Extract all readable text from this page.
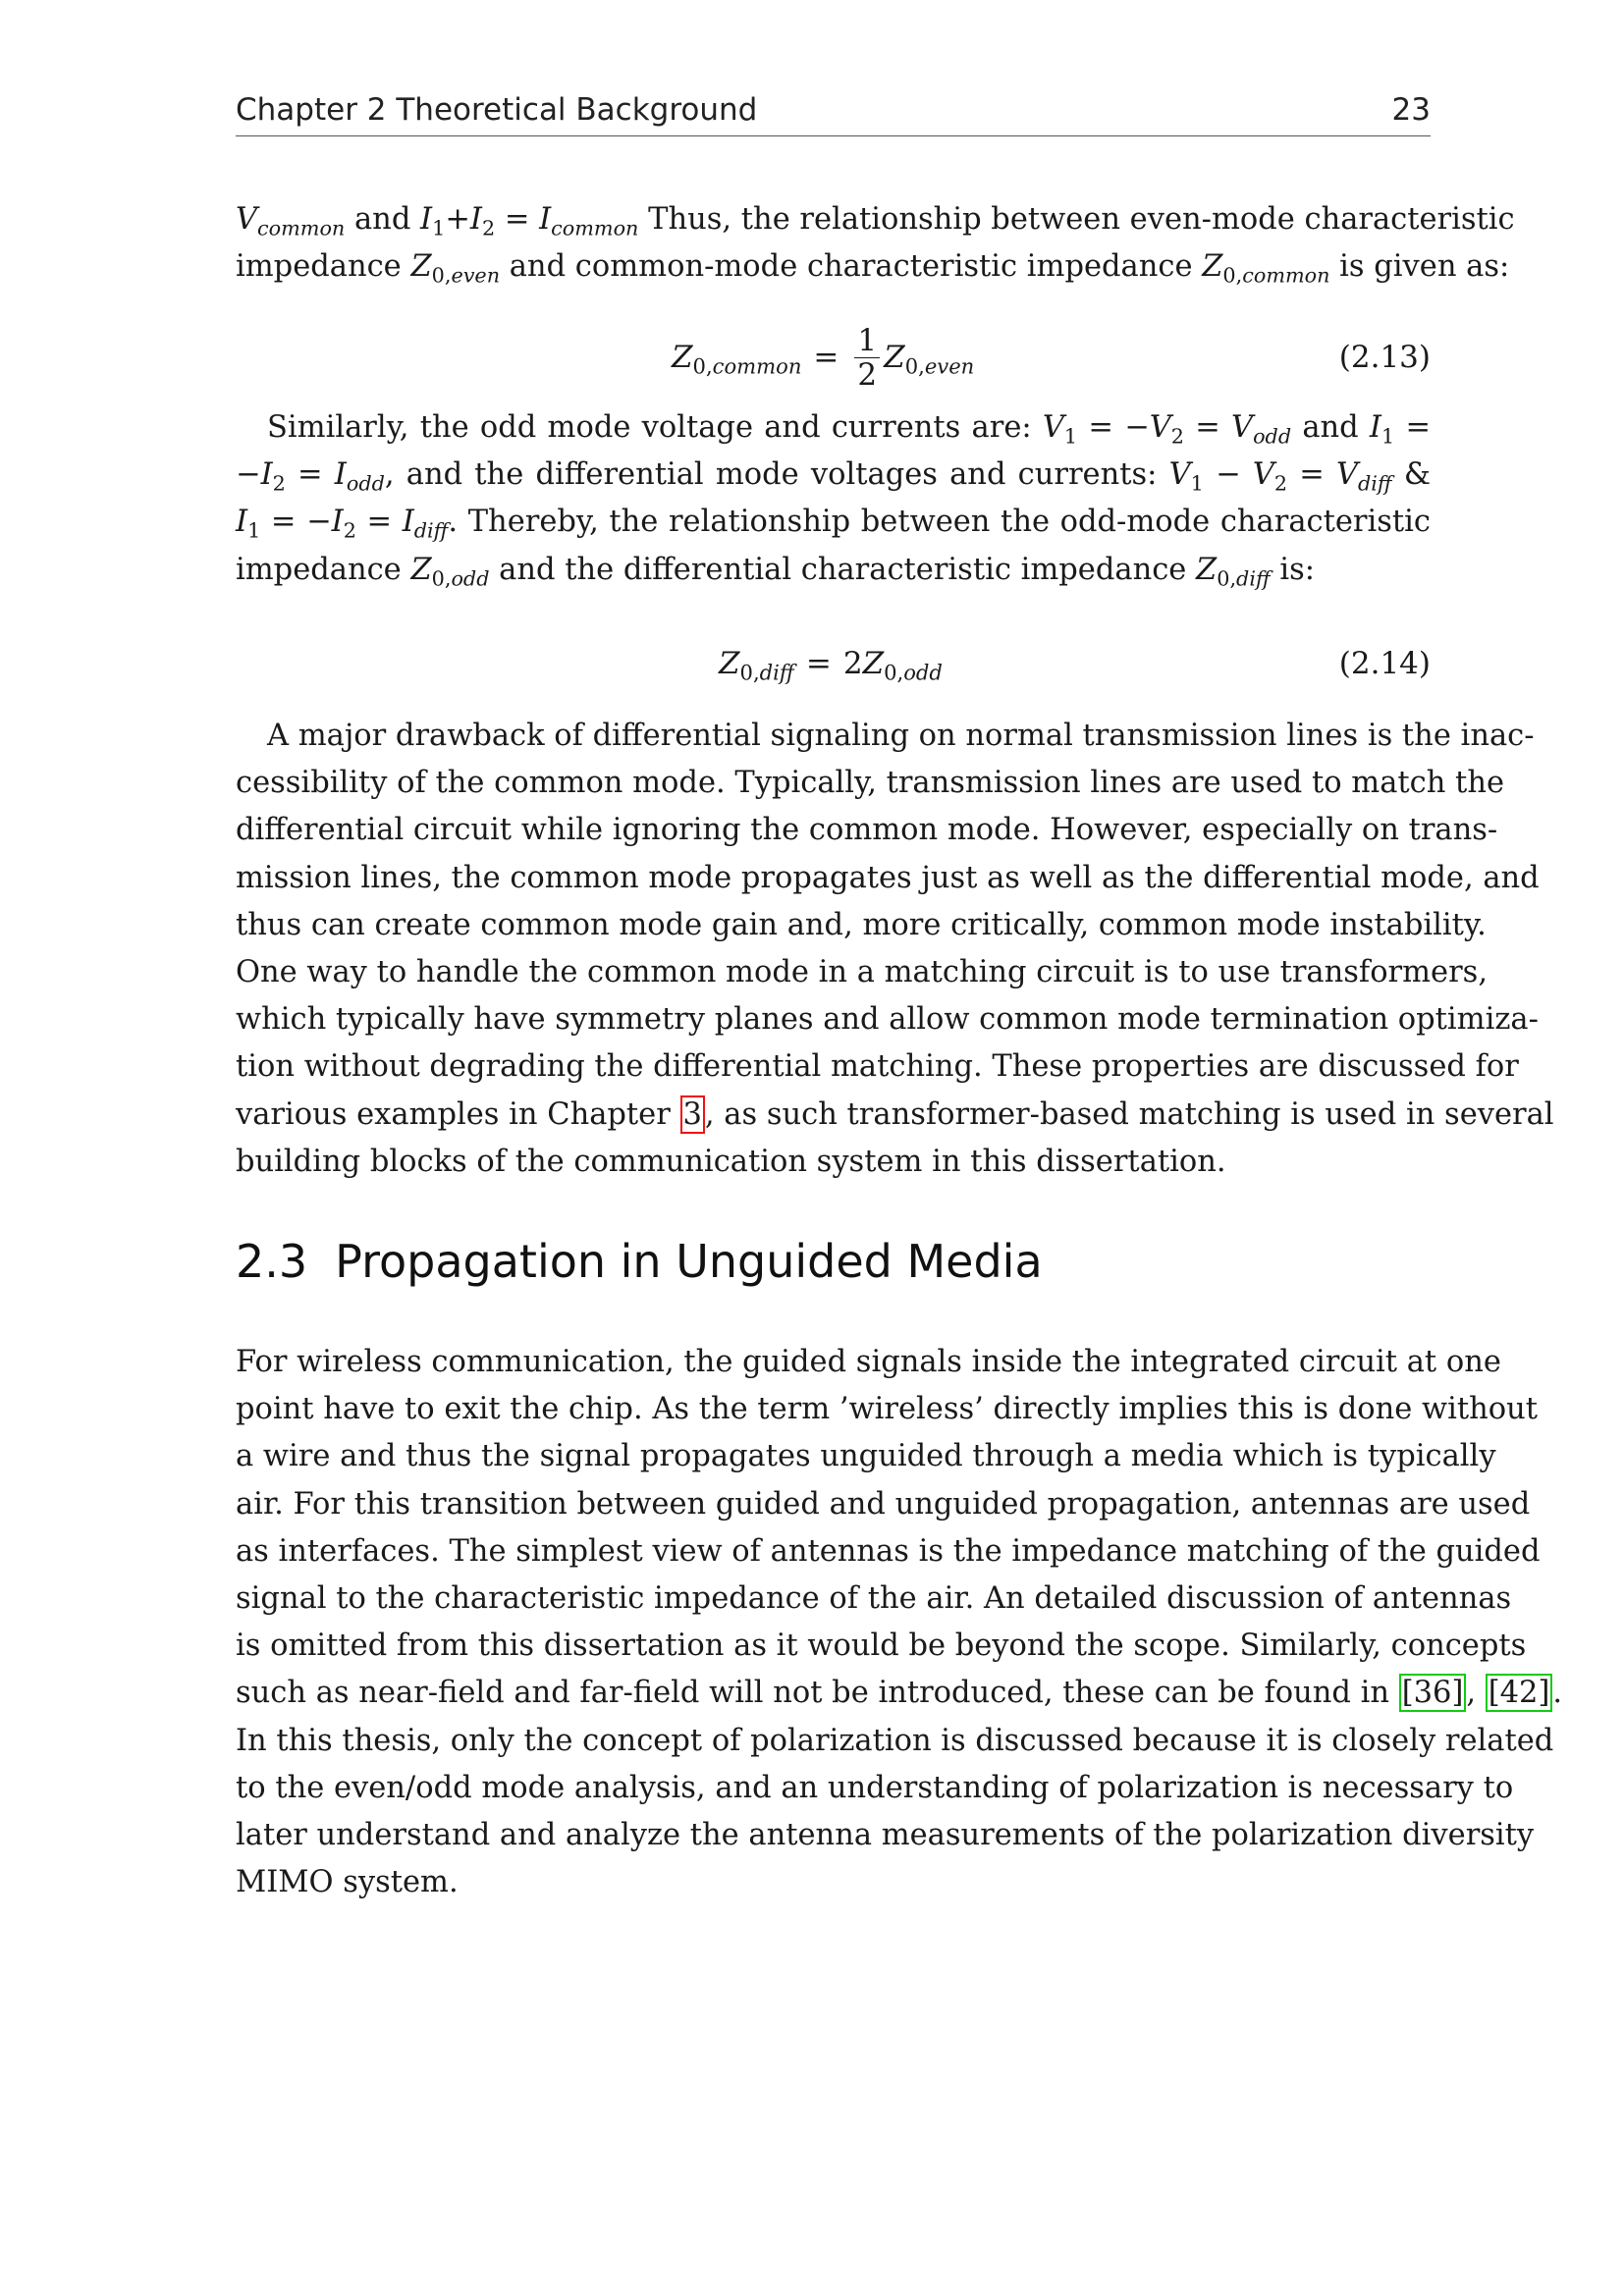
Chapter 2 Theoretical Background	23
$V_{common}$ and $I_1+I_2 = I_{common}$ Thus, the relationship between even-mode characteristic
impedance $Z_{0,even}$ and common-mode characteristic impedance $Z_{0,common}$ is given as:
$Z_{0,common} = \frac{1}{2} Z_{0,even}$	(2.13)
Similarly, the odd mode voltage and currents are: $V_1 = -V_2 = V_{odd}$ and $I_1$ =
$-I_2 = I_{odd}$, and the differential mode voltages and currents: $V_1 - V_2 = V_{diff}$ &
$I_1 = -I_2 = I_{diff}$. Thereby, the relationship between the odd-mode characteristic
impedance $Z_{0,odd}$ and the differential characteristic impedance $Z_{0,diff}$ is:
$Z_{0,diff} = 2Z_{0,odd}$	(2.14)
A major drawback of differential signaling on normal transmission lines is the inac-
cessibility of the common mode. Typically, transmission lines are used to match the
differential circuit while ignoring the common mode. However, especially on trans-
mission lines, the common mode propagates just as well as the differential mode, and
thus can create common mode gain and, more critically, common mode instability.
One way to handle the common mode in a matching circuit is to use transformers,
which typically have symmetry planes and allow common mode termination optimiza-
tion without degrading the differential matching. These properties are discussed for
various examples in Chapter 3, as such transformer-based matching is used in several
building blocks of the communication system in this dissertation.
2.3 Propagation in Unguided Media
For wireless communication, the guided signals inside the integrated circuit at one
point have to exit the chip. As the term ’wireless’ directly implies this is done without
a wire and thus the signal propagates unguided through a media which is typically
air. For this transition between guided and unguided propagation, antennas are used
as interfaces. The simplest view of antennas is the impedance matching of the guided
signal to the characteristic impedance of the air. An detailed discussion of antennas
is omitted from this dissertation as it would be beyond the scope. Similarly, concepts
such as near-field and far-field will not be introduced, these can be found in [36], [42].
In this thesis, only the concept of polarization is discussed because it is closely related
to the even/odd mode analysis, and an understanding of polarization is necessary to
later understand and analyze the antenna measurements of the polarization diversity
MIMO system.
